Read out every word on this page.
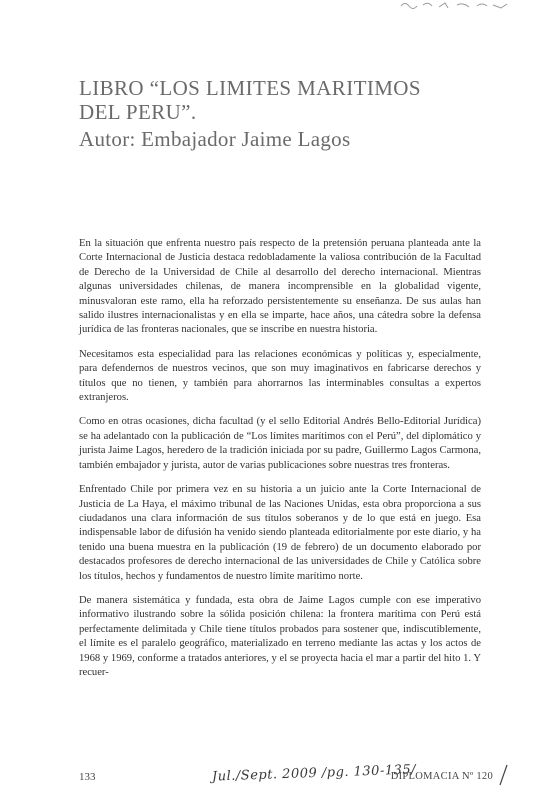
LIBRO “LOS LIMITES MARITIMOS

DEL PERU”.

Autor: Embajador Jaime Lagos

En la situación que enfrenta nuestro país respecto de la pretensión peruana planteada ante la Corte Internacional de Justicia destaca redobladamente la valiosa contribución de la Facultad de Derecho de la Universidad de Chile al desarrollo del derecho internacional. Mientras algunas universidades chilenas, de manera incomprensible en la globalidad vigente, minusvaloran este ramo, ella ha reforzado persistentemente su enseñanza. De sus aulas han salido ilustres internacionalistas y en ella se imparte, hace años, una cátedra sobre la defensa jurídica de las fronteras nacionales, que se inscribe en nuestra historia.

Necesitamos esta especialidad para las relaciones económicas y políticas y, especialmente, para defendernos de nuestros vecinos, que son muy imaginativos en fabricarse derechos y títulos que no tienen, y también para ahorrarnos las interminables consultas a expertos extranjeros.

Como en otras ocasiones, dicha facultad (y el sello Editorial Andrés Bello-Editorial Jurídica) se ha adelantado con la publicación de “Los límites marítimos con el Perú”, del diplomático y jurista Jaime Lagos, heredero de la tradición iniciada por su padre, Guillermo Lagos Carmona, también embajador y jurista, autor de varias publicaciones sobre nuestras tres fronteras.

Enfrentado Chile por primera vez en su historia a un juicio ante la Corte Internacional de Justicia de La Haya, el máximo tribunal de las Naciones Unidas, esta obra proporciona a sus ciudadanos una clara información de sus títulos soberanos y de lo que está en juego. Esa indispensable labor de difusión ha venido siendo planteada editorialmente por este diario, y ha tenido una buena muestra en la publicación (19 de febrero) de un documento elaborado por destacados profesores de derecho internacional de las universidades de Chile y Católica sobre los títulos, hechos y fundamentos de nuestro límite marítimo norte.

De manera sistemática y fundada, esta obra de Jaime Lagos cumple con ese imperativo informativo ilustrando sobre la sólida posición chilena: la frontera marítima con Perú está perfectamente delimitada y Chile tiene títulos probados para sostener que, indiscutiblemente, el límite es el paralelo geográfico, materializado en terreno mediante las actas y los actos de 1968 y 1969, conforme a tratados anteriores, y el se proyecta hacia el mar a partir del hito 1. Y recuer-

133	Jul./Sept. 2009 /pg. 130-135/
DIPLOMACIA Nº 120
